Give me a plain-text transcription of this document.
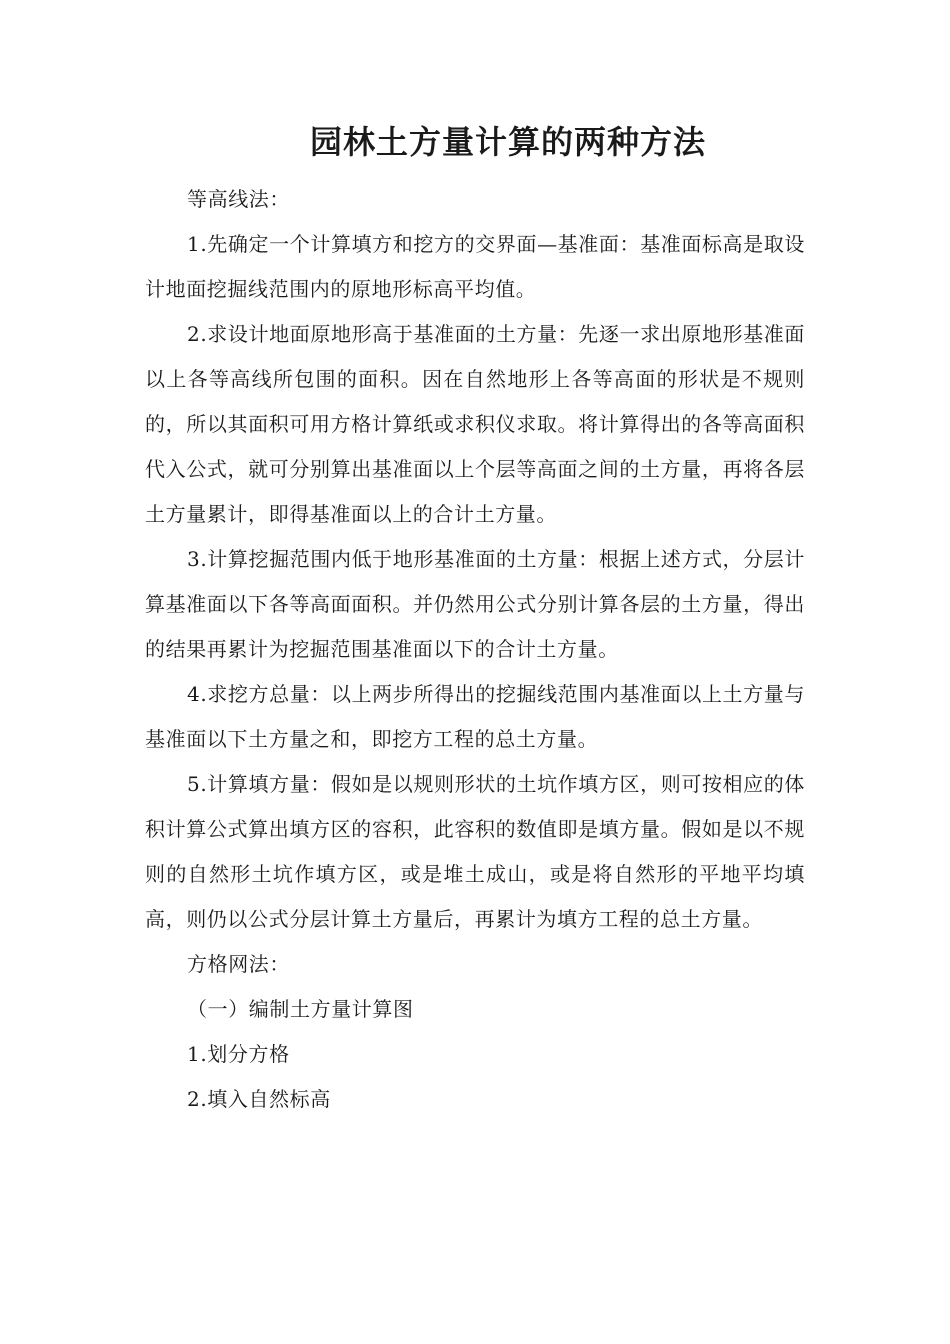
园林土方量计算的两种方法

等高线法：

1.先确定一个计算填方和挖方的交界面—基准面：基准面标高是取设计地面挖掘线范围内的原地形标高平均值。

2.求设计地面原地形高于基准面的土方量：先逐一求出原地形基准面以上各等高线所包围的面积。因在自然地形上各等高面的形状是不规则的，所以其面积可用方格计算纸或求积仪求取。将计算得出的各等高面积代入公式，就可分别算出基准面以上个层等高面之间的土方量，再将各层土方量累计，即得基准面以上的合计土方量。

3.计算挖掘范围内低于地形基准面的土方量：根据上述方式，分层计算基准面以下各等高面面积。并仍然用公式分别计算各层的土方量，得出的结果再累计为挖掘范围基准面以下的合计土方量。

4.求挖方总量：以上两步所得出的挖掘线范围内基准面以上土方量与基准面以下土方量之和，即挖方工程的总土方量。

5.计算填方量：假如是以规则形状的土坑作填方区，则可按相应的体积计算公式算出填方区的容积，此容积的数值即是填方量。假如是以不规则的自然形土坑作填方区，或是堆土成山，或是将自然形的平地平均填高，则仍以公式分层计算土方量后，再累计为填方工程的总土方量。

方格网法：

（一）编制土方量计算图

1.划分方格

2.填入自然标高
